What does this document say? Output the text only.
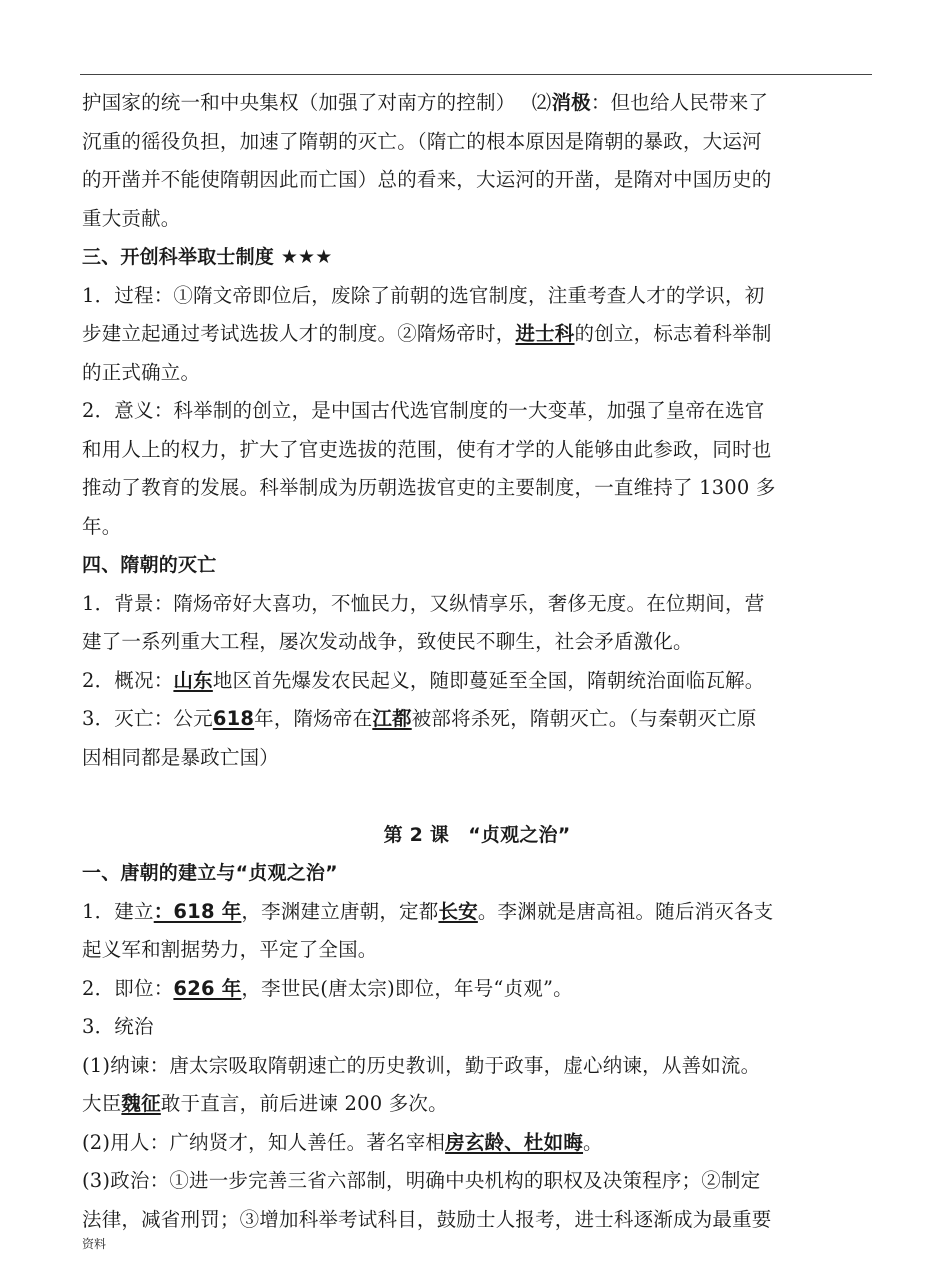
护国家的统一和中央集权（加强了对南方的控制）　 ⑵消极：但也给人民带来了
沉重的徭役负担，加速了隋朝的灭亡。（隋亡的根本原因是隋朝的暴政，大运河
的开凿并不能使隋朝因此而亡国）总的看来，大运河的开凿，是隋对中国历史的
重大贡献。
三、开创科举取士制度 ★★★
1．过程：①隋文帝即位后，废除了前朝的选官制度，注重考查人才的学识，初
步建立起通过考试选拔人才的制度。②隋炀帝时，进士科的创立，标志着科举制
的正式确立。
2．意义：科举制的创立，是中国古代选官制度的一大变革，加强了皇帝在选官
和用人上的权力，扩大了官吏选拔的范围，使有才学的人能够由此参政，同时也
推动了教育的发展。科举制成为历朝选拔官吏的主要制度，一直维持了 1300 多
年。
四、隋朝的灭亡
1．背景：隋炀帝好大喜功，不恤民力，又纵情享乐，奢侈无度。在位期间，营
建了一系列重大工程，屡次发动战争，致使民不聊生，社会矛盾激化。
2．概况：山东地区首先爆发农民起义，随即蔓延至全国，隋朝统治面临瓦解。
3．灭亡：公元618年，隋炀帝在江都被部将杀死，隋朝灭亡。（与秦朝灭亡原
因相同都是暴政亡国）
第 2 课　“贞观之治”
一、唐朝的建立与“贞观之治”
1．建立：618 年，李渊建立唐朝，定都长安。李渊就是唐高祖。随后消灭各支
起义军和割据势力，平定了全国。
2．即位：626 年，李世民(唐太宗)即位，年号“贞观”。
3．统治
(1)纳谏：唐太宗吸取隋朝速亡的历史教训，勤于政事，虚心纳谏，从善如流。
大臣魏征敢于直言，前后进谏 200 多次。
(2)用人：广纳贤才，知人善任。著名宰相房玄龄、杜如晦。
(3)政治：①进一步完善三省六部制，明确中央机构的职权及决策程序；②制定
法律，减省刑罚；③增加科举考试科目，鼓励士人报考，进士科逐渐成为最重要
资料
